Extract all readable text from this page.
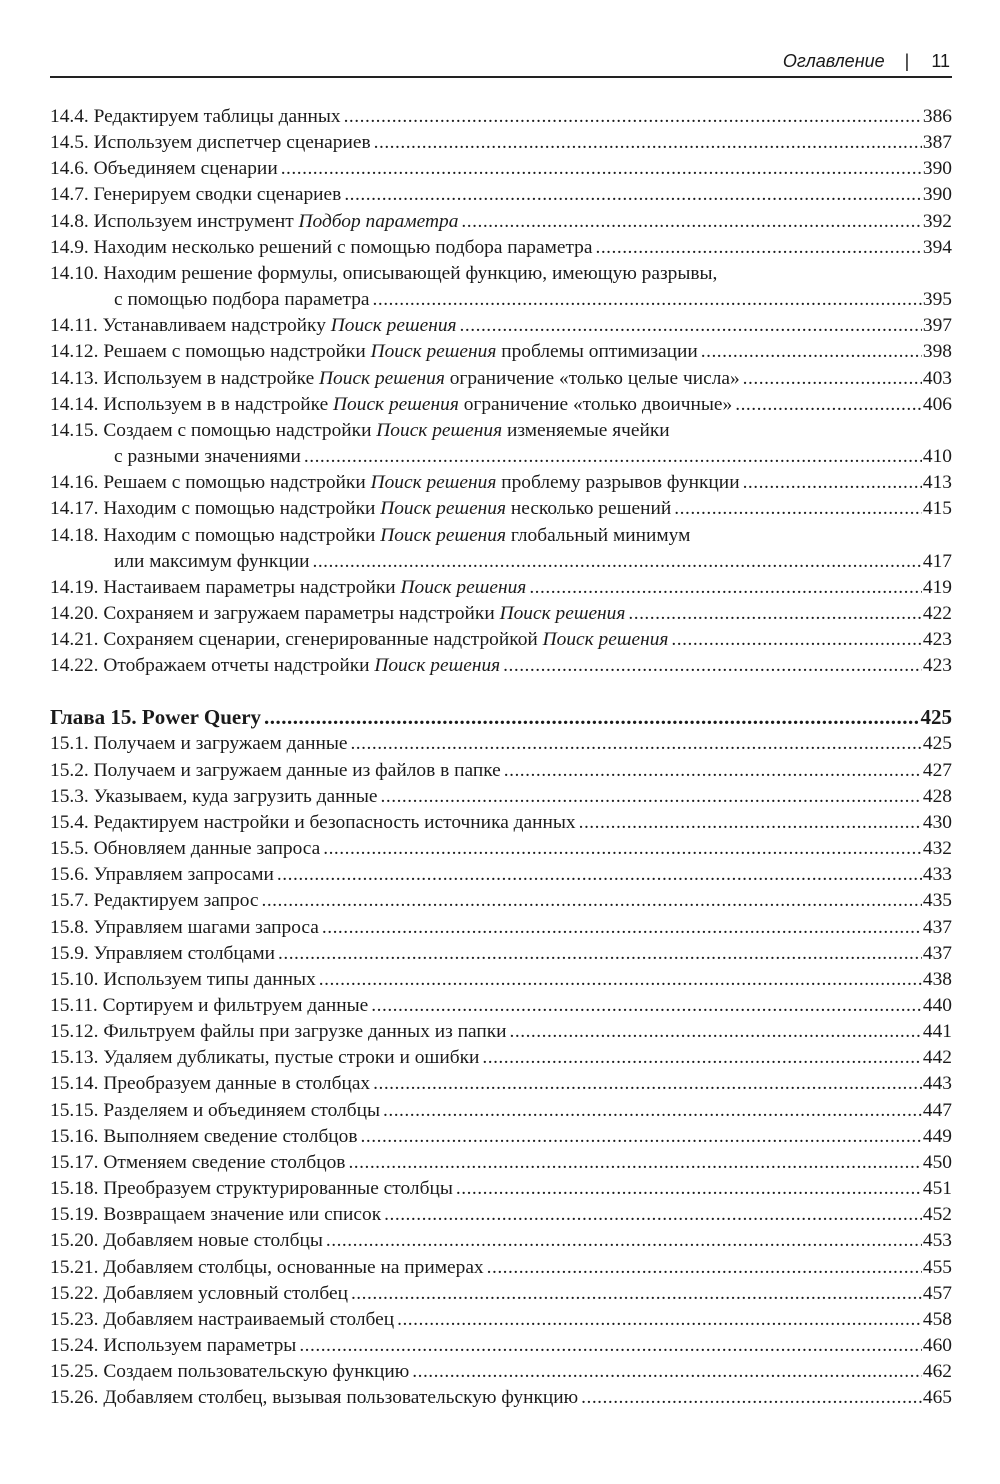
Оглавление | 11
14.4. Редактируем таблицы данных .....	386
14.5. Используем диспетчер сценариев .....	387
14.6. Объединяем сценарии .....	390
14.7. Генерируем сводки сценариев .....	390
14.8. Используем инструмент Подбор параметра .....	392
14.9. Находим несколько решений с помощью подбора параметра .....	394
14.10. Находим решение формулы, описывающей функцию, имеющую разрывы,
с помощью подбора параметра .....	395
14.11. Устанавливаем надстройку Поиск решения .....	397
14.12. Решаем с помощью надстройки Поиск решения проблемы оптимизации .....	398
14.13. Используем в надстройке Поиск решения ограничение «только целые числа» .....	403
14.14. Используем в в надстройке Поиск решения ограничение «только двоичные» .....	406
14.15. Создаем с помощью надстройки Поиск решения изменяемые ячейки
с разными значениями .....	410
14.16. Решаем с помощью надстройки Поиск решения проблему разрывов функции .....	413
14.17. Находим с помощью надстройки Поиск решения несколько решений .....	415
14.18. Находим с помощью надстройки Поиск решения глобальный минимум
или максимум функции .....	417
14.19. Настаиваем параметры надстройки Поиск решения .....	419
14.20. Сохраняем и загружаем параметры надстройки Поиск решения .....	422
14.21. Сохраняем сценарии, сгенерированные надстройкой Поиск решения .....	423
14.22. Отображаем отчеты надстройки Поиск решения .....	423
Глава 15. Power Query .....	425
15.1. Получаем и загружаем данные .....	425
15.2. Получаем и загружаем данные из файлов в папке .....	427
15.3. Указываем, куда загрузить данные .....	428
15.4. Редактируем настройки и безопасность источника данных .....	430
15.5. Обновляем данные запроса .....	432
15.6. Управляем запросами .....	433
15.7. Редактируем запрос .....	435
15.8. Управляем шагами запроса .....	437
15.9. Управляем столбцами .....	437
15.10. Используем типы данных .....	438
15.11. Сортируем и фильтруем данные .....	440
15.12. Фильтруем файлы при загрузке данных из папки .....	441
15.13. Удаляем дубликаты, пустые строки и ошибки .....	442
15.14. Преобразуем данные в столбцах .....	443
15.15. Разделяем и объединяем столбцы .....	447
15.16. Выполняем сведение столбцов .....	449
15.17. Отменяем сведение столбцов .....	450
15.18. Преобразуем структурированные столбцы .....	451
15.19. Возвращаем значение или список .....	452
15.20. Добавляем новые столбцы .....	453
15.21. Добавляем столбцы, основанные на примерах .....	455
15.22. Добавляем условный столбец .....	457
15.23. Добавляем настраиваемый столбец .....	458
15.24. Используем параметры .....	460
15.25. Создаем пользовательскую функцию .....	462
15.26. Добавляем столбец, вызывая пользовательскую функцию .....	465
